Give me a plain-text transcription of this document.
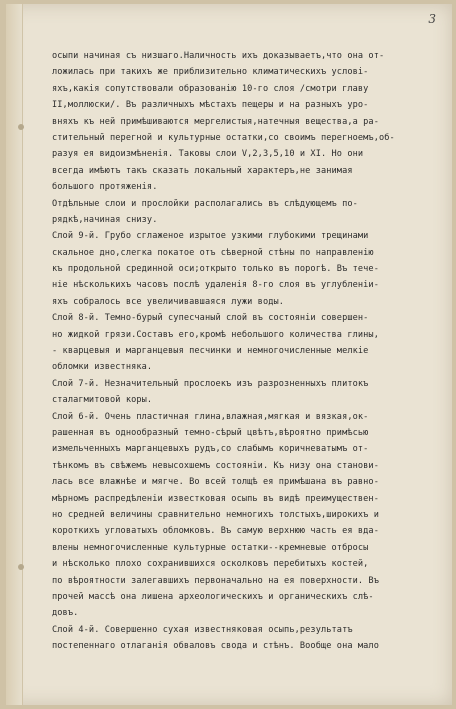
3
осыпи начиная съ низшаго.Наличность ихъ доказываетъ,что она от-
ложилась при такихъ же приблизительно климатическихъ услові-
яхъ,какія сопутствовали образованію 10-го слоя /смотри главу
II,моллюски/. Въ различныхъ мѣстахъ пещеры и на разныхъ уро-
вняхъ къ ней примѣшиваются мергелистыя,натечныя вещества,а ра-
стительный перегной и культурные остатки,со своимъ перегноемъ,об-
разуя ея видоизмѣненія. Таковы слои V,2,3,5,10 и XI. Но они
всегда имѣютъ такъ сказать локальный характеръ,не занимая
большого протяженія.
Отдѣльные слои и прослойки располагались въ слѣдующемъ по-
рядкѣ,начиная снизу.
Слой 9-й. Грубо сглаженое изрытое узкими глубокими трещинами
скальное дно,слегка покатое отъ сѣверной стѣны по направленію
къ продольной срединной оси;открыто только въ порогѣ. Въ тече-
ніе нѣсколькихъ часовъ послѣ удаленія 8-го слоя въ углубленіи-
яхъ собралось все увеличивавшаяся лужи воды.
Слой 8-й. Темно-бурый супесчаный слой въ состояніи совершен-
но жидкой грязи.Составъ его,кромѣ небольшого количества глины,
- кварцевыя и марганцевыя песчинки и немногочисленные мелкіе
обломки известняка.
Слой 7-й. Незначительный прослоекъ изъ разрозненныхъ плитокъ
сталагмитовой коры.
Слой 6-й. Очень пластичная глина,влажная,мягкая и вязкая,ок-
рашенная въ однообразный темно-сѣрый цвѣтъ,вѣроятно примѣсью
измельченныхъ марганцевыхъ рудъ,со слабымъ коричневатымъ от-
тѣнкомъ въ свѣжемъ невысохшемъ состояніи. Къ низу она станови-
лась все влажнѣе и мягче. Во всей толщѣ ея примѣшана въ равно-
мѣрномъ распредѣленіи известковая осыпь въ видѣ преимуществен-
но средней величины сравнительно немногихъ толстыхъ,широкихъ и
короткихъ угловатыхъ обломковъ. Въ самую верхнюю часть ея вда-
влены немногочисленные культурные остатки--кремневые отбросы
и нѣсколько плохо сохранившихся осколковъ перебитыхъ костей,
по вѣроятности залегавшихъ первоначально на ея поверхности. Въ
прочей массѣ она лишена археологическихъ и органическихъ слѣ-
довъ.
Слой 4-й. Совершенно сухая известняковая осыпь,результатъ
постепеннаго отлаганія обваловъ свода и стѣнъ. Вообще она мало
